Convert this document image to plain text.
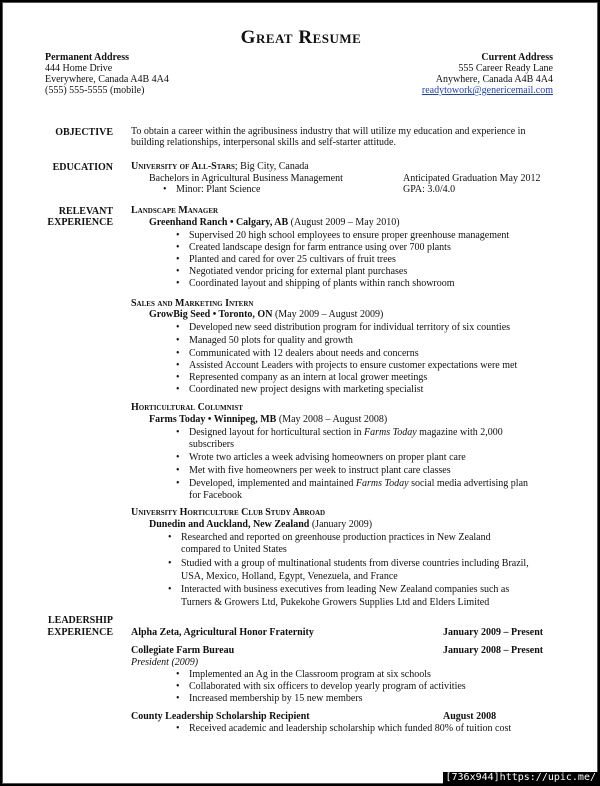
Great Resume
Permanent Address
444 Home Drive
Everywhere, Canada A4B 4A4
(555) 555-5555 (mobile)
Current Address
555 Career Ready Lane
Anywhere, Canada A4B 4A4
readytowork@genericemail.com
OBJECTIVE To obtain a career within the agribusiness industry that will utilize my education and experience in
building relationships, interpersonal skills and self-starter attitude.
EDUCATION University of All-Stars; Big City, Canada
Bachelors in Agricultural Business Management	Anticipated Graduation May 2012
• Minor: Plant Science	GPA: 3.0/4.0
RELEVANT
EXPERIENCE
Landscape Manager
Greenhand Ranch • Calgary, AB (August 2009 – May 2010)
• Supervised 20 high school employees to ensure proper greenhouse management
• Created landscape design for farm entrance using over 700 plants
• Planted and cared for over 25 cultivars of fruit trees
• Negotiated vendor pricing for external plant purchases
• Coordinated layout and shipping of plants within ranch showroom
Sales and Marketing Intern
GrowBig Seed • Toronto, ON (May 2009 – August 2009)
• Developed new seed distribution program for individual territory of six counties
• Managed 50 plots for quality and growth
• Communicated with 12 dealers about needs and concerns
• Assisted Account Leaders with projects to ensure customer expectations were met
• Represented company as an intern at local grower meetings
• Coordinated new project designs with marketing specialist
Horticultural Columnist
Farms Today • Winnipeg, MB (May 2008 – August 2008)
• Designed layout for horticultural section in Farms Today magazine with 2,000
subscribers
• Wrote two articles a week advising homeowners on proper plant care
• Met with five homeowners per week to instruct plant care classes
• Developed, implemented and maintained Farms Today social media advertising plan
for Facebook
University Horticulture Club Study Abroad
Dunedin and Auckland, New Zealand (January 2009)
• Researched and reported on greenhouse production practices in New Zealand
compared to United States
• Studied with a group of multinational students from diverse countries including Brazil,
USA, Mexico, Holland, Egypt, Venezuela, and France
• Interacted with business executives from leading New Zealand companies such as
Turners & Growers Ltd, Pukekohe Growers Supplies Ltd and Elders Limited
LEADERSHIP
EXPERIENCE Alpha Zeta, Agricultural Honor Fraternity	January 2009 – Present
Collegiate Farm Bureau	January 2008 – Present
President (2009)
• Implemented an Ag in the Classroom program at six schools
• Collaborated with six officers to develop yearly program of activities
• Increased membership by 15 new members
County Leadership Scholarship Recipient	August 2008
• Received academic and leadership scholarship which funded 80% of tuition cost
[736x944]https://upic.me/
